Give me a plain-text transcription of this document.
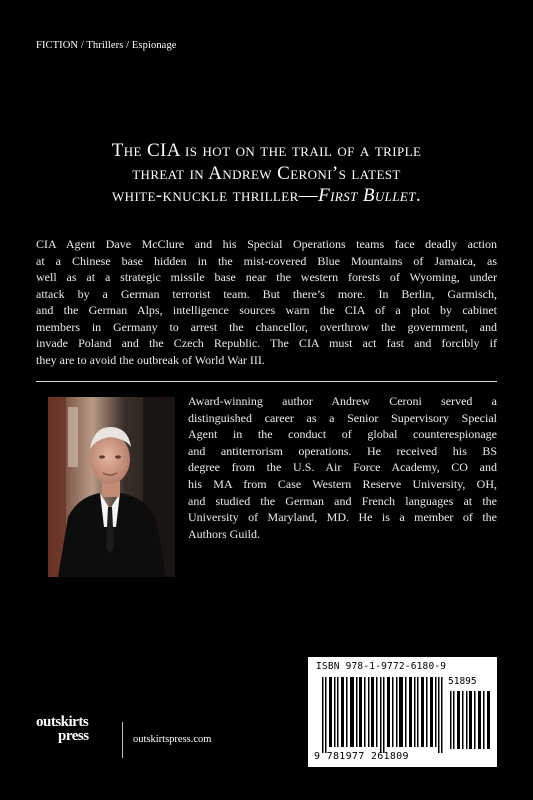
FICTION / Thrillers / Espionage
The CIA is hot on the trail of a triple
threat in Andrew Ceroni’s latest
white-knuckle thriller—First Bullet.
CIA Agent Dave McClure and his Special Operations teams face deadly action
at a Chinese base hidden in the mist-covered Blue Mountains of Jamaica, as
well as at a strategic missile base near the western forests of Wyoming, under
attack by a German terrorist team. But there’s more. In Berlin, Garmisch,
and the German Alps, intelligence sources warn the CIA of a plot by cabinet
members in Germany to arrest the chancellor, overthrow the government, and
invade Poland and the Czech Republic. The CIA must act fast and forcibly if
they are to avoid the outbreak of World War III.
Award-winning author Andrew Ceroni served a
distinguished career as a Senior Supervisory Special
Agent in the conduct of global counterespionage
and antiterrorism operations. He received his BS
degree from the U.S. Air Force Academy, CO and
his MA from Case Western Reserve University, OH,
and studied the German and French languages at the
University of Maryland, MD. He is a member of the
Authors Guild.
ISBN 978-1-9772-6180-9
51895
9 781977 261809
outskirts
press	outskirtspress.com
